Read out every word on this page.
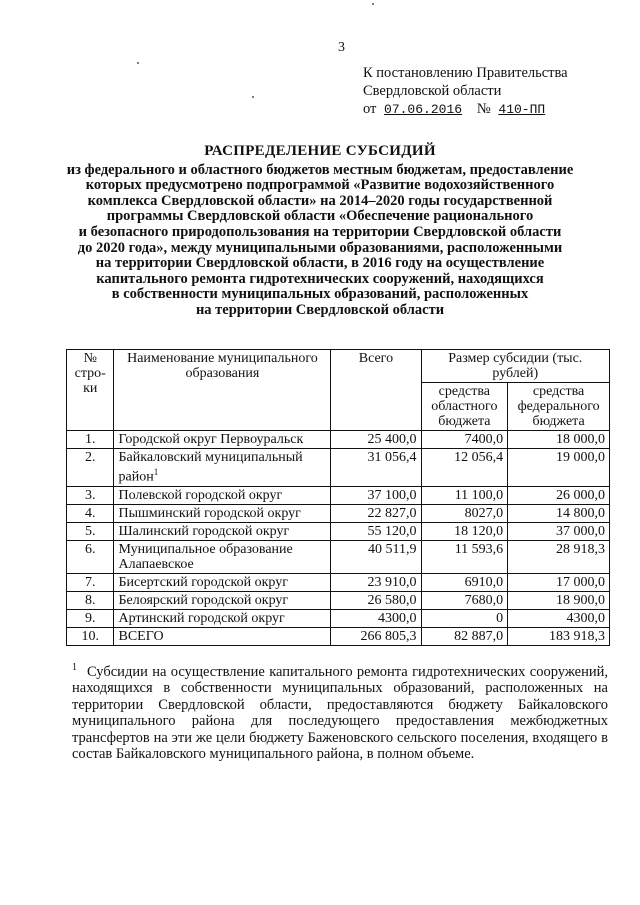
3
К постановлению Правительства
Свердловской области
от 07.06.2016 № 410-ПП
РАСПРЕДЕЛЕНИЕ СУБСИДИЙ
из федерального и областного бюджетов местным бюджетам, предоставление
которых предусмотрено подпрограммой «Развитие водохозяйственного
комплекса Свердловской области» на 2014–2020 годы государственной
программы Свердловской области «Обеспечение рационального
и безопасного природопользования на территории Свердловской области
до 2020 года», между муниципальными образованиями, расположенными
на территории Свердловской области, в 2016 году на осуществление
капитального ремонта гидротехнических сооружений, находящихся
в собственности муниципальных образований, расположенных
на территории Свердловской области
№ стро-ки	Наименование муниципального образования	Всего	Размер субсидии (тыс. рублей)	
			средства областного бюджета	средства федерального бюджета
1.	Городской округ Первоуральск	25 400,0	7400,0	18 000,0
2.	Байкаловский муниципальный район$^1$	31 056,4	12 056,4	19 000,0
3.	Полевской городской округ	37 100,0	11 100,0	26 000,0
4.	Пышминский городской округ	22 827,0	8027,0	14 800,0
5.	Шалинский городской округ	55 120,0	18 120,0	37 000,0
6.	Муниципальное образование Алапаевское	40 511,9	11 593,6	28 918,3
7.	Бисертский городской округ	23 910,0	6910,0	17 000,0
8.	Белоярский городской округ	26 580,0	7680,0	18 900,0
9.	Артинский городской округ	4300,0	0	4300,0
10.	ВСЕГО	266 805,3	82 887,0	183 918,3
$^1$ Субсидии на осуществление капитального ремонта гидротехнических сооружений, находящихся в собственности муниципальных образований, расположенных на территории Свердловской области, предоставляются бюджету Байкаловского муниципального района для последующего предоставления межбюджетных трансфертов на эти же цели бюджету Баженовского сельского поселения, входящего в состав Байкаловского муниципального района, в полном объеме.
